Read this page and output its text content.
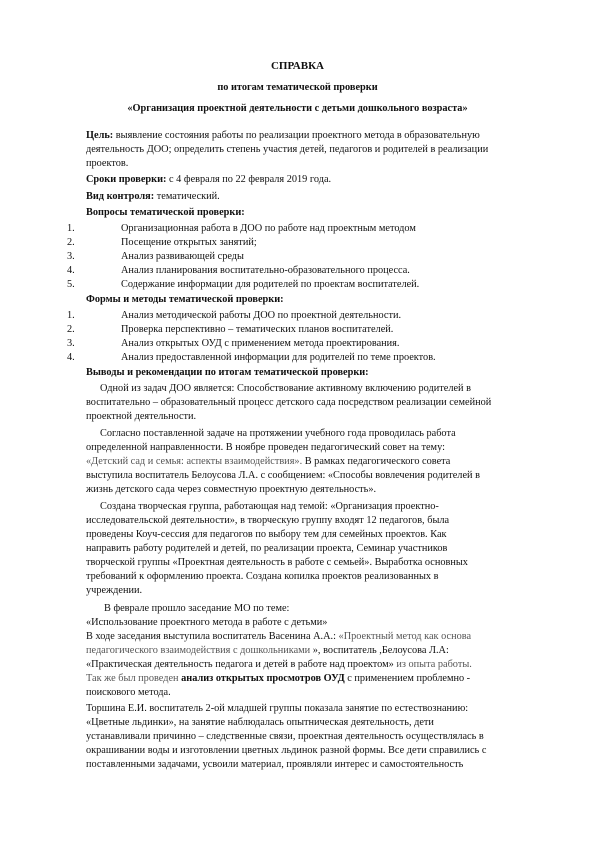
СПРАВКА
по итогам тематической проверки
«Организация проектной деятельности с детьми дошкольного возраста»
Цель: выявление состояния работы по реализации проектного метода в образовательную
деятельность ДОО; определить степень участия детей, педагогов и родителей в реализации
проектов.
Сроки проверки: с 4 февраля по 22 февраля 2019 года.
Вид контроля: тематический.
Вопросы тематической проверки:
1.	Организационная работа в ДОО по работе над проектным методом
2.	Посещение открытых занятий;
3.	Анализ развивающей среды
4.	Анализ планирования воспитательно-образовательного процесса.
5.	Содержание информации для родителей по проектам воспитателей.
Формы и методы тематической проверки:
1.	Анализ методической работы ДОО по проектной деятельности.
2.	Проверка перспективно – тематических планов воспитателей.
3.	Анализ открытых ОУД с применением метода проектирования.
4.	Анализ предоставленной информации для родителей по теме проектов.
Выводы и рекомендации по итогам тематической проверки:
Одной из задач ДОО является: Способствование активному включению родителей в
воспитательно – образовательный процесс детского сада посредством реализации семейной
проектной деятельности.
Согласно поставленной задаче на протяжении учебного года проводилась работа
определенной направленности. В ноябре проведен педагогический совет на тему:
«Детский сад и семья: аспекты взаимодействия». В рамках педагогического совета
выступила воспитатель Белоусова Л.А. с сообщением: «Способы вовлечения родителей в
жизнь детского сада через совместную проектную деятельность».
Создана творческая группа, работающая над темой: «Организация проектно-
исследовательской деятельности», в творческую группу входят 12 педагогов, была
проведены Коуч-сессия для педагогов по выбору тем для семейных проектов. Как
направить работу родителей и детей, по реализации проекта, Семинар участников
творческой группы «Проектная деятельность в работе с семьей». Выработка основных
требований к оформлению проекта. Создана копилка проектов реализованных в
учреждении.
В феврале прошло заседание МО по теме:
«Использование проектного метода в работе с детьми»
В ходе заседания выступила воспитатель Васенина А.А.: «Проектный метод как основа
педагогического взаимодействия с дошкольниками », воспитатель ,Белоусова Л.А:
«Практическая деятельность педагога и детей в работе над проектом» из опыта работы.
Так же был проведен анализ открытых просмотров ОУД с применением проблемно -
поискового метода.
Торшина Е.И. воспитатель 2-ой младшей группы показала занятие по естествознанию:
«Цветные льдинки», на занятие наблюдалась опытническая деятельность, дети
устанавливали причинно – следственные связи, проектная деятельность осуществлялась в
окрашивании воды и изготовлении цветных льдинок разной формы. Все дети справились с
поставленными задачами, усвоили материал, проявляли интерес и самостоятельность
